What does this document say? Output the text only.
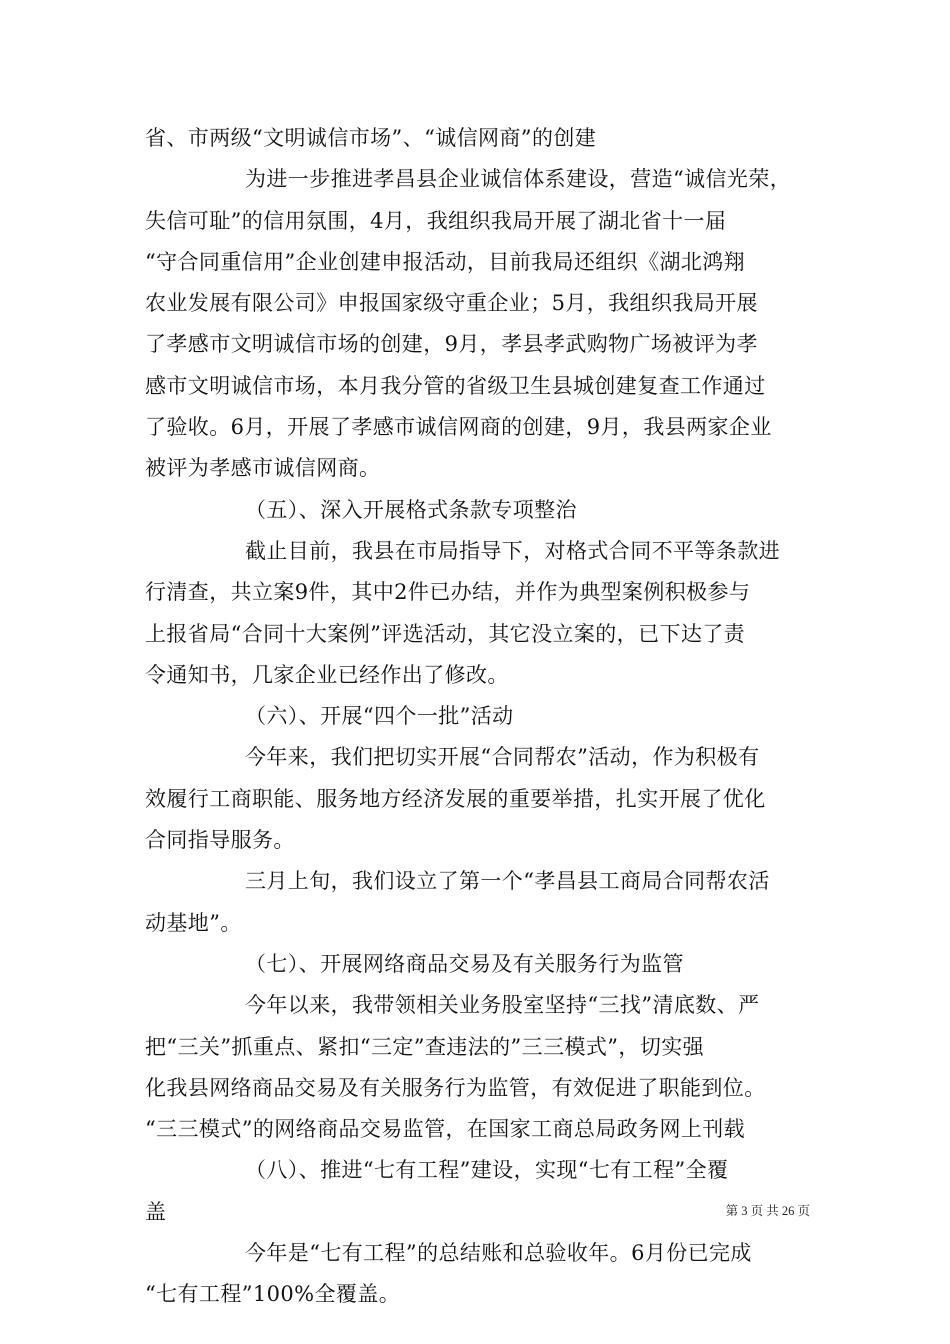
省、市两级“文明诚信市场”、“诚信网商”的创建
为进一步推进孝昌县企业诚信体系建设，营造“诚信光荣，
失信可耻”的信用氛围，4月，我组织我局开展了湖北省十一届
“守合同重信用”企业创建申报活动，目前我局还组织《湖北鸿翔
农业发展有限公司》申报国家级守重企业；5月，我组织我局开展
了孝感市文明诚信市场的创建，9月，孝县孝武购物广场被评为孝
感市文明诚信市场，本月我分管的省级卫生县城创建复查工作通过
了验收。6月，开展了孝感市诚信网商的创建，9月，我县两家企业
被评为孝感市诚信网商。
（五）、深入开展格式条款专项整治
截止目前，我县在市局指导下，对格式合同不平等条款进
行清查，共立案9件，其中2件已办结，并作为典型案例积极参与
上报省局“合同十大案例”评选活动，其它没立案的，已下达了责
令通知书，几家企业已经作出了修改。
（六）、开展“四个一批”活动
今年来，我们把切实开展“合同帮农”活动，作为积极有
效履行工商职能、服务地方经济发展的重要举措，扎实开展了优化
合同指导服务。
三月上旬，我们设立了第一个“孝昌县工商局合同帮农活
动基地”。
（七）、开展网络商品交易及有关服务行为监管
今年以来，我带领相关业务股室坚持“三找”清底数、严
把“三关”抓重点、紧扣“三定”查违法的”三三模式”，切实强
化我县网络商品交易及有关服务行为监管，有效促进了职能到位。
“三三模式”的网络商品交易监管，在国家工商总局政务网上刊载
（八）、推进“七有工程”建设，实现“七有工程”全覆
盖
今年是“七有工程”的总结账和总验收年。6月份已完成
“七有工程”100%全覆盖。
第 3 页 共 26 页
